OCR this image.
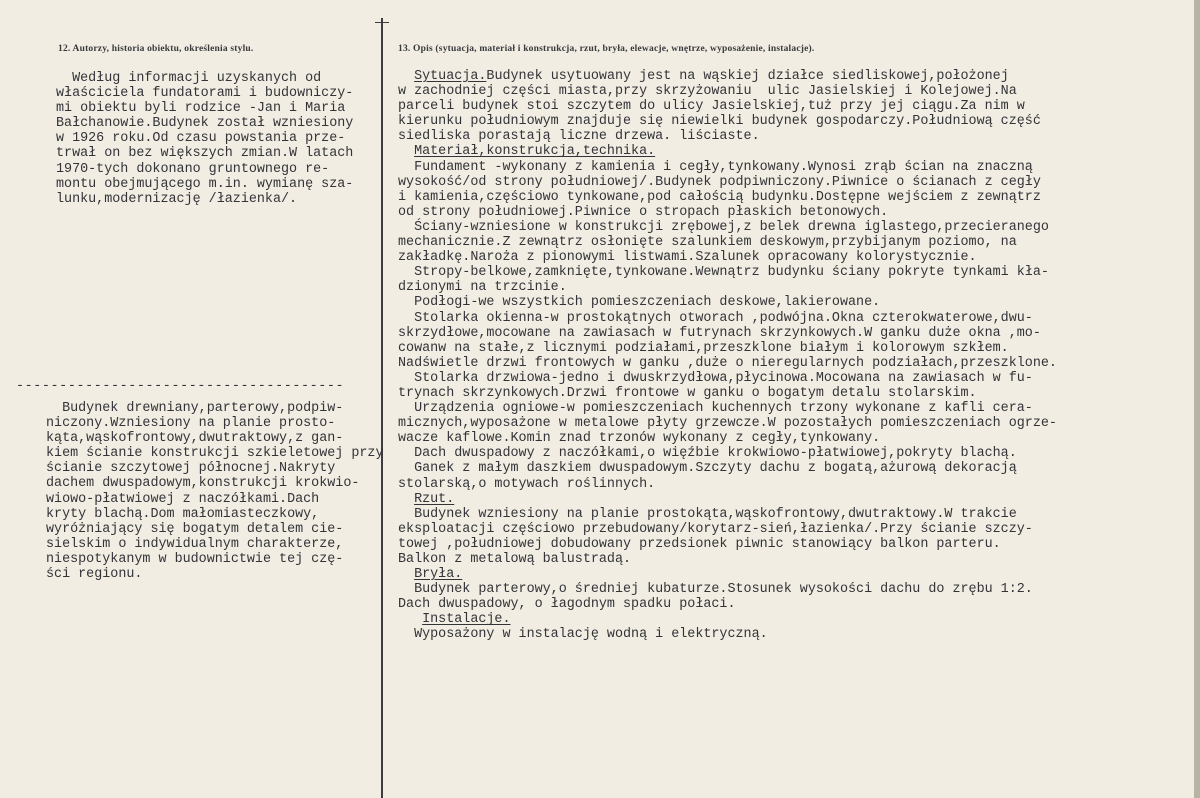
12. Autorzy, historia obiektu, określenia stylu.	13. Opis (sytuacja, materiał i konstrukcja, rzut, bryła, elewacje, wnętrze, wyposażenie, instalacje).
Według informacji uzyskanych od
właściciela fundatorami i budowniczy-
mi obiektu byli rodzice -Jan i Maria
Bałchanowie.Budynek został wzniesiony
w 1926 roku.Od czasu powstania prze-
trwał on bez większych zmian.W latach
1970-tych dokonano gruntownego re-
montu obejmującego m.in. wymianę sza-
lunku,modernizację /łazienka/.
--------------------------------------
Budynek drewniany,parterowy,podpiw-
niczony.Wzniesiony na planie prosto-
kąta,wąskofrontowy,dwutraktowy,z gan-
kiem ścianie konstrukcji szkieletowej przy
ścianie szczytowej północnej.Nakryty
dachem dwuspadowym,konstrukcji krokwio-
wiowo-płatwiowej z naczółkami.Dach
kryty blachą.Dom małomiasteczkowy,
wyróżniający się bogatym detalem cie-
sielskim o indywidualnym charakterze,
niespotykanym w budownictwie tej czę-
ści regionu.
Sytuacja.Budynek usytuowany jest na wąskiej działce siedliskowej,położonej
w zachodniej części miasta,przy skrzyżowaniu  ulic Jasielskiej i Kolejowej.Na
parceli budynek stoi szczytem do ulicy Jasielskiej,tuż przy jej ciągu.Za nim w
kierunku południowym znajduje się niewielki budynek gospodarczy.Południową część
siedliska porastają liczne drzewa. liściaste.
Materiał,konstrukcja,technika.
Fundament -wykonany z kamienia i cegły,tynkowany.Wynosi zrąb ścian na znaczną
wysokość/od strony południowej/.Budynek podpiwniczony.Piwnice o ścianach z cegły
i kamienia,częściowo tynkowane,pod całością budynku.Dostępne wejściem z zewnątrz
od strony południowej.Piwnice o stropach płaskich betonowych.
Ściany-wzniesione w konstrukcji zrębowej,z belek drewna iglastego,przecieranego
mechanicznie.Z zewnątrz osłonięte szalunkiem deskowym,przybijanym poziomo, na
zakładkę.Naroża z pionowymi listwami.Szalunek opracowany kolorystycznie.
Stropy-belkowe,zamknięte,tynkowane.Wewnątrz budynku ściany pokryte tynkami kła-
dzionymi na trzcinie.
Podłogi-we wszystkich pomieszczeniach deskowe,lakierowane.
Stolarka okienna-w prostokątnych otworach ,podwójna.Okna czterokwaterowe,dwu-
skrzydłowe,mocowane na zawiasach w futrynach skrzynkowych.W ganku duże okna ,mo-
cowanw na stałe,z licznymi podziałami,przeszklone białym i kolorowym szkłem.
Nadświetle drzwi frontowych w ganku ,duże o nieregularnych podziałach,przeszklone.
Stolarka drzwiowa-jedno i dwuskrzydłowa,płycinowa.Mocowana na zawiasach w fu-
trynach skrzynkowych.Drzwi frontowe w ganku o bogatym detalu stolarskim.
Urządzenia ogniowe-w pomieszczeniach kuchennych trzony wykonane z kafli cera-
micznych,wyposażone w metalowe płyty grzewcze.W pozostałych pomieszczeniach ogrze-
wacze kaflowe.Komin znad trzonów wykonany z cegły,tynkowany.
Dach dwuspadowy z naczółkami,o więźbie krokwiowo-płatwiowej,pokryty blachą.
Ganek z małym daszkiem dwuspadowym.Szczyty dachu z bogatą,ażurową dekoracją
stolarską,o motywach roślinnych.
Rzut.
Budynek wzniesiony na planie prostokąta,wąskofrontowy,dwutraktowy.W trakcie
eksploatacji częściowo przebudowany/korytarz-sień,łazienka/.Przy ścianie szczy-
towej ,południowej dobudowany przedsionek piwnic stanowiący balkon parteru.
Balkon z metalową balustradą.
Bryła.
Budynek parterowy,o średniej kubaturze.Stosunek wysokości dachu do zrębu 1:2.
Dach dwuspadowy, o łagodnym spadku połaci.
Instalacje.
Wyposażony w instalację wodną i elektryczną.
